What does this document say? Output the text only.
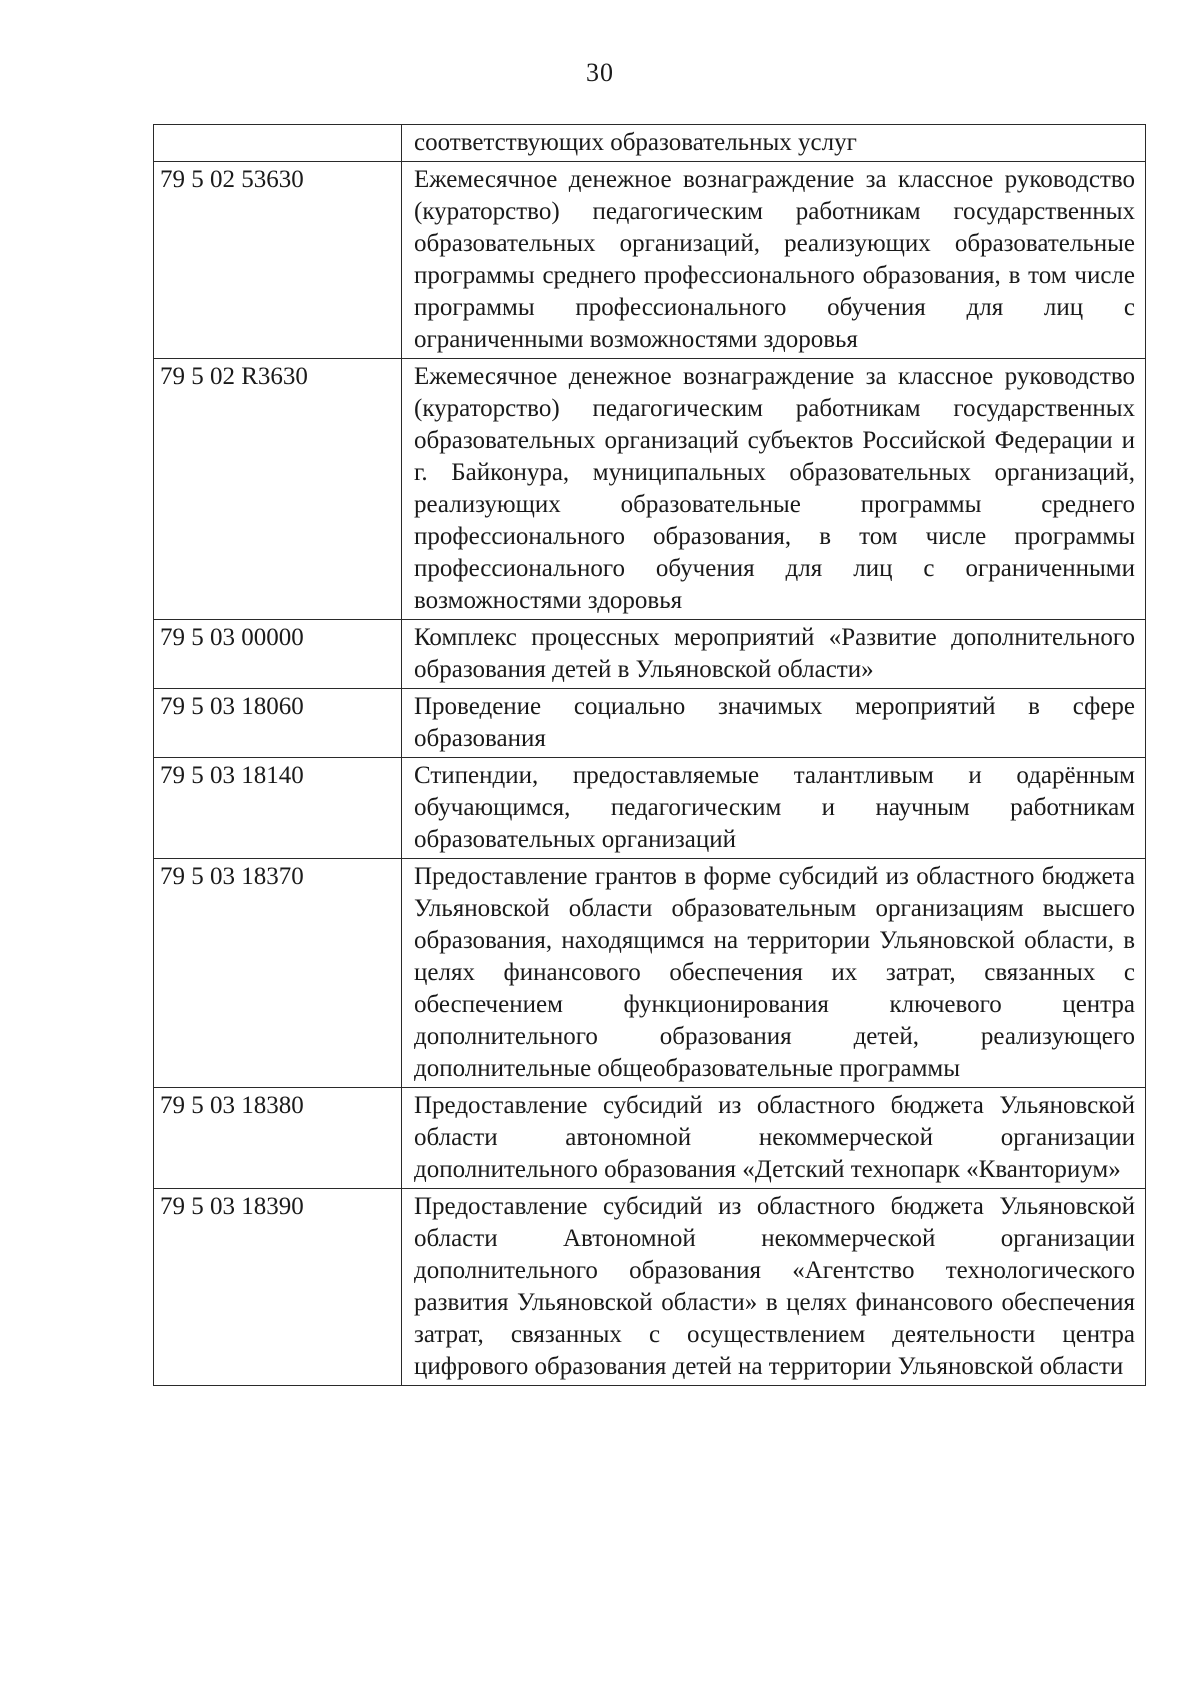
30
	соответствующих образовательных услуг
79 5 02 53630	Ежемесячное денежное вознаграждение за классное руководство (кураторство) педагогическим работникам государственных образовательных организаций, реализующих образовательные программы среднего профессионального образования, в том числе программы профессионального обучения для лиц с ограниченными возможностями здоровья
79 5 02 R3630	Ежемесячное денежное вознаграждение за классное руководство (кураторство) педагогическим работникам государственных образовательных организаций субъектов Российской Федерации и г. Байконура, муниципальных образовательных организаций, реализующих образовательные программы среднего профессионального образования, в том числе программы профессионального обучения для лиц с ограниченными возможностями здоровья
79 5 03 00000	Комплекс процессных мероприятий «Развитие дополнительного образования детей в Ульяновской области»
79 5 03 18060	Проведение социально значимых мероприятий в сфере образования
79 5 03 18140	Стипендии, предоставляемые талантливым и одарённым обучающимся, педагогическим и научным работникам образовательных организаций
79 5 03 18370	Предоставление грантов в форме субсидий из областного бюджета Ульяновской области образовательным организациям высшего образования, находящимся на территории Ульяновской области, в целях финансового обеспечения их затрат, связанных с обеспечением функционирования ключевого центра дополнительного образования детей, реализующего дополнительные общеобразовательные программы
79 5 03 18380	Предоставление субсидий из областного бюджета Ульяновской области автономной некоммерческой организации дополнительного образования «Детский технопарк «Кванториум»
79 5 03 18390	Предоставление субсидий из областного бюджета Ульяновской области Автономной некоммерческой организации дополнительного образования «Агентство технологического развития Ульяновской области» в целях финансового обеспечения затрат, связанных с осуществлением деятельности центра цифрового образования детей на территории Ульяновской области
